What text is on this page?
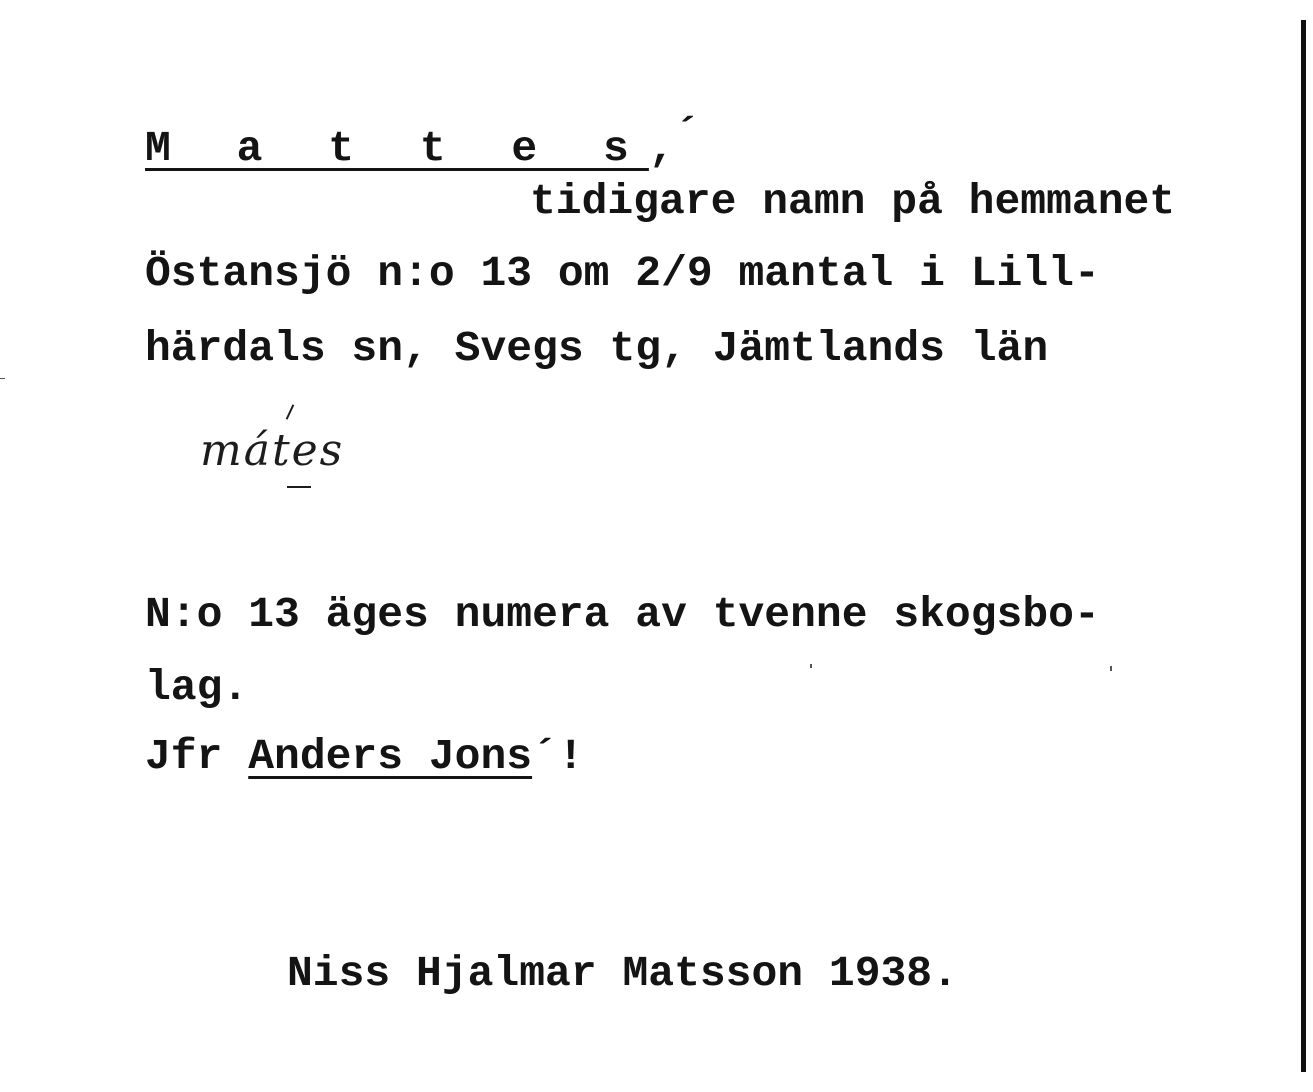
M a t t e s,´
tidigare namn på hemmanet
Östansjö n:o 13 om 2/9 mantal i Lill-
härdals sn, Svegs tg, Jämtlands län
mátes
N:o 13 äges numera av tvenne skogsbo-
lag.
Jfr Anders Jons´!
Niss Hjalmar Matsson 1938.
